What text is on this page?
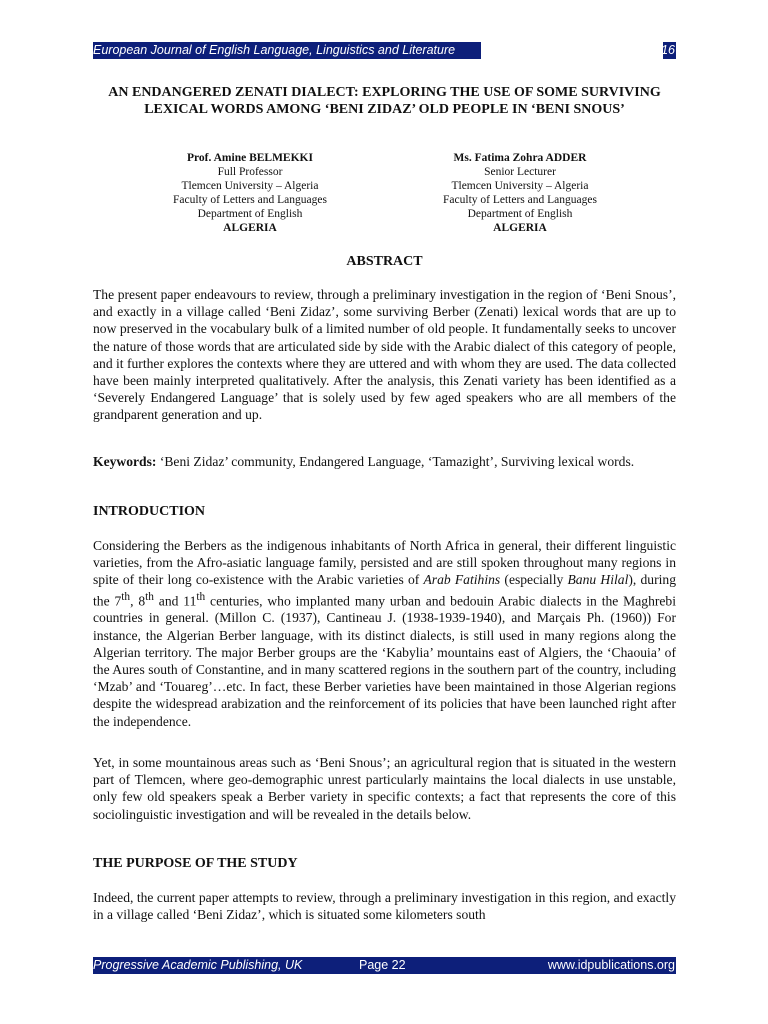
European Journal of English Language, Linguistics and Literature	Vol. 3 No. 1, 2016
AN ENDANGERED ZENATI DIALECT: EXPLORING THE USE OF SOME SURVIVING LEXICAL WORDS AMONG ‘BENI ZIDAZ’ OLD PEOPLE IN ‘BENI SNOUS’
Prof. Amine BELMEKKI
Full Professor
Tlemcen University – Algeria
Faculty of Letters and Languages
Department of English
ALGERIA
Ms. Fatima Zohra ADDER
Senior Lecturer
Tlemcen University – Algeria
Faculty of Letters and Languages
Department of English
ALGERIA
ABSTRACT

The present paper endeavours to review, through a preliminary investigation in the region of ‘Beni Snous’, and exactly in a village called ‘Beni Zidaz’, some surviving Berber (Zenati) lexical words that are up to now preserved in the vocabulary bulk of a limited number of old people. It fundamentally seeks to uncover the nature of those words that are articulated side by side with the Arabic dialect of this category of people, and it further explores the contexts where they are uttered and with whom they are used. The data collected have been mainly interpreted qualitatively. After the analysis, this Zenati variety has been identified as a ‘Severely Endangered Language’ that is solely used by few aged speakers who are all members of the grandparent generation and up.

Keywords: ‘Beni Zidaz’ community, Endangered Language, ‘Tamazight’, Surviving lexical words.

INTRODUCTION

Considering the Berbers as the indigenous inhabitants of North Africa in general, their different linguistic varieties, from the Afro-asiatic language family, persisted and are still spoken throughout many regions in spite of their long co-existence with the Arabic varieties of Arab Fatihins (especially Banu Hilal), during the 7th, 8th and 11th centuries, who implanted many urban and bedouin Arabic dialects in the Maghrebi countries in general. (Millon C. (1937), Cantineau J. (1938-1939-1940), and Marçais Ph. (1960)) For instance, the Algerian Berber language, with its distinct dialects, is still used in many regions along the Algerian territory. The major Berber groups are the ‘Kabylia’ mountains east of Algiers, the ‘Chaouia’ of the Aures south of Constantine, and in many scattered regions in the southern part of the country, including ‘Mzab’ and ‘Touareg’…etc. In fact, these Berber varieties have been maintained in those Algerian regions despite the widespread arabization and the reinforcement of its policies that have been launched right after the independence.

Yet, in some mountainous areas such as ‘Beni Snous’; an agricultural region that is situated in the western part of Tlemcen, where geo-demographic unrest particularly maintains the local dialects in use unstable, only few old speakers speak a Berber variety in specific contexts; a fact that represents the core of this sociolinguistic investigation and will be revealed in the details below.

THE PURPOSE OF THE STUDY

Indeed, the current paper attempts to review, through a preliminary investigation in this region, and exactly in a village called ‘Beni Zidaz’, which is situated some kilometers south

Progressive Academic Publishing, UK	Page 22	www.idpublications.org
